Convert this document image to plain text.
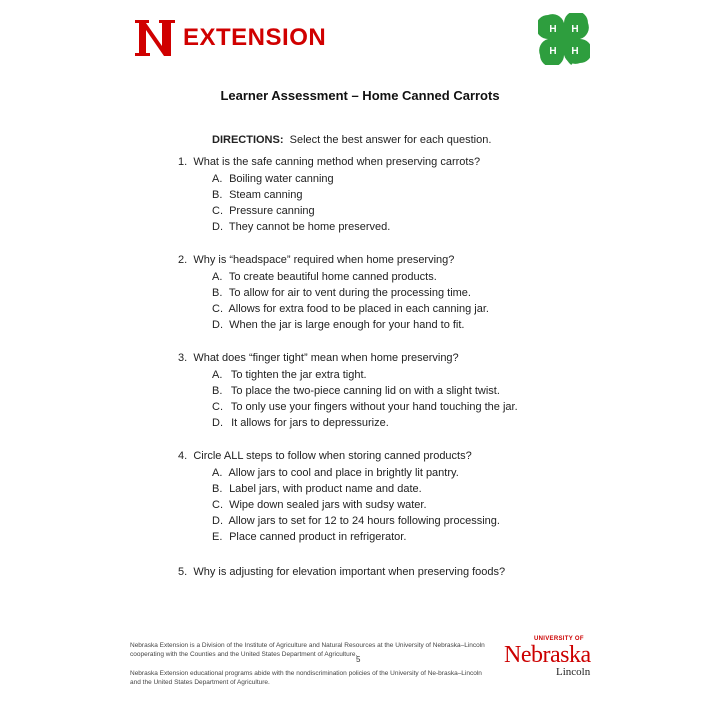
EXTENSION	H H
H
H
Learner Assessment – Home Canned Carrots
DIRECTIONS: Select the best answer for each question.
1. What is the safe canning method when preserving carrots?
A. Boiling water canning
B. Steam canning
C. Pressure canning
D. They cannot be home preserved.
2. Why is “headspace” required when home preserving?
A. To create beautiful home canned products.
B. To allow for air to vent during the processing time.
C. Allows for extra food to be placed in each canning jar.
D. When the jar is large enough for your hand to fit.
3. What does “finger tight” mean when home preserving?
A. To tighten the jar extra tight.
B. To place the two-piece canning lid on with a slight twist.
C. To only use your fingers without your hand touching the jar.
D. It allows for jars to depressurize.
4. Circle ALL steps to follow when storing canned products?
A. Allow jars to cool and place in brightly lit pantry.
B. Label jars, with product name and date.
C. Wipe down sealed jars with sudsy water.
D. Allow jars to set for 12 to 24 hours following processing.
E. Place canned product in refrigerator.
5. Why is adjusting for elevation important when preserving foods?
Nebraska Extension is a Division of the Institute of Agriculture and Natural Resources at the University of Nebraska–Lincoln cooperating with the Counties and the United States Department of Agriculture.
5
Nebraska Extension educational programs abide with the nondiscrimination policies of the University of Ne-braska–Lincoln and the United States Department of Agriculture.
UNIVERSITY OF
Nebraska
Lincoln
